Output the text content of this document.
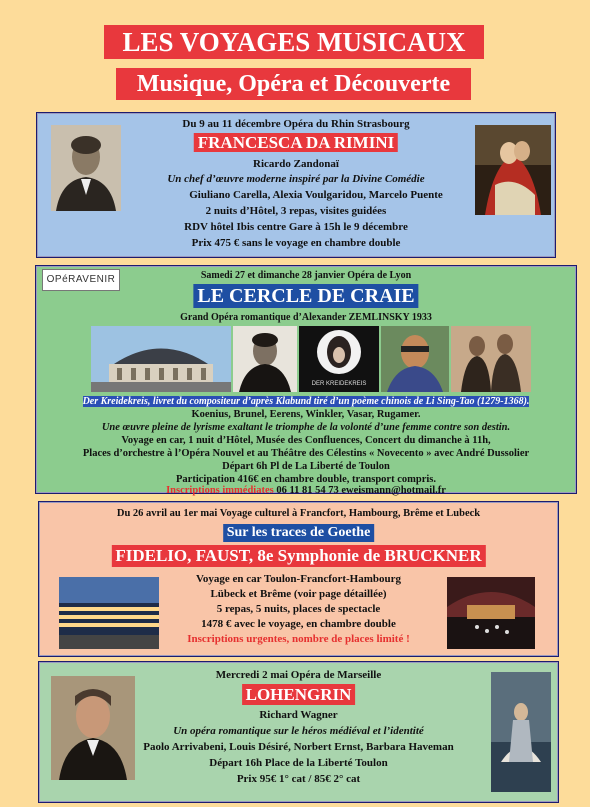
LES VOYAGES MUSICAUX
Musique, Opéra et Découverte
Du 9 au 11 décembre Opéra du Rhin Strasbourg
FRANCESCA DA RIMINI
Ricardo Zandonaï
Un chef d’œuvre moderne inspiré par la Divine Comédie
Giuliano Carella, Alexia Voulgaridou, Marcelo Puente
2 nuits d’Hôtel, 3 repas, visites guidées
RDV hôtel Ibis centre Gare à 15h le 9 décembre
Prix 475 € sans le voyage en chambre double
OPéRAVENIR	Samedi 27 et dimanche 28 janvier Opéra de Lyon
LE CERCLE DE CRAIE
Grand Opéra romantique d’Alexander ZEMLINSKY 1933
DER KREIDEKREIS
Der Kreidekreis, livret du compositeur d’après Klabund tiré d’un poème chinois de Li Sing-Tao (1279-1368).
Koenius, Brunel, Eerens, Winkler, Vasar, Rugamer.
Une œuvre pleine de lyrisme exaltant le triomphe de la volonté d’une femme contre son destin.
Voyage en car, 1 nuit d’Hôtel, Musée des Confluences, Concert du dimanche à 11h,
Places d’orchestre à l’Opéra Nouvel et au Théâtre des Célestins « Novecento » avec André Dussolier
Départ 6h Pl de La Liberté de Toulon
Participation 416€ en chambre double, transport compris.
Inscriptions immédiates 06 11 81 54 73 eweismann@hotmail.fr
Du 26 avril au 1er mai Voyage culturel à Francfort, Hambourg, Brême et Lubeck
Sur les traces de Goethe
FIDELIO, FAUST, 8e Symphonie de BRUCKNER
Voyage en car Toulon-Francfort-Hambourg
Lübeck et Brême (voir page détaillée)
5 repas, 5 nuits, places de spectacle
1478 € avec le voyage, en chambre double
Inscriptions urgentes, nombre de places limité !
Mercredi 2 mai Opéra de Marseille
LOHENGRIN
Richard Wagner
Un opéra romantique sur le héros médiéval et l’identité
Paolo Arrivabeni, Louis Désiré, Norbert Ernst, Barbara Haveman
Départ 16h Place de la Liberté Toulon
Prix 95€ 1° cat / 85€ 2° cat
